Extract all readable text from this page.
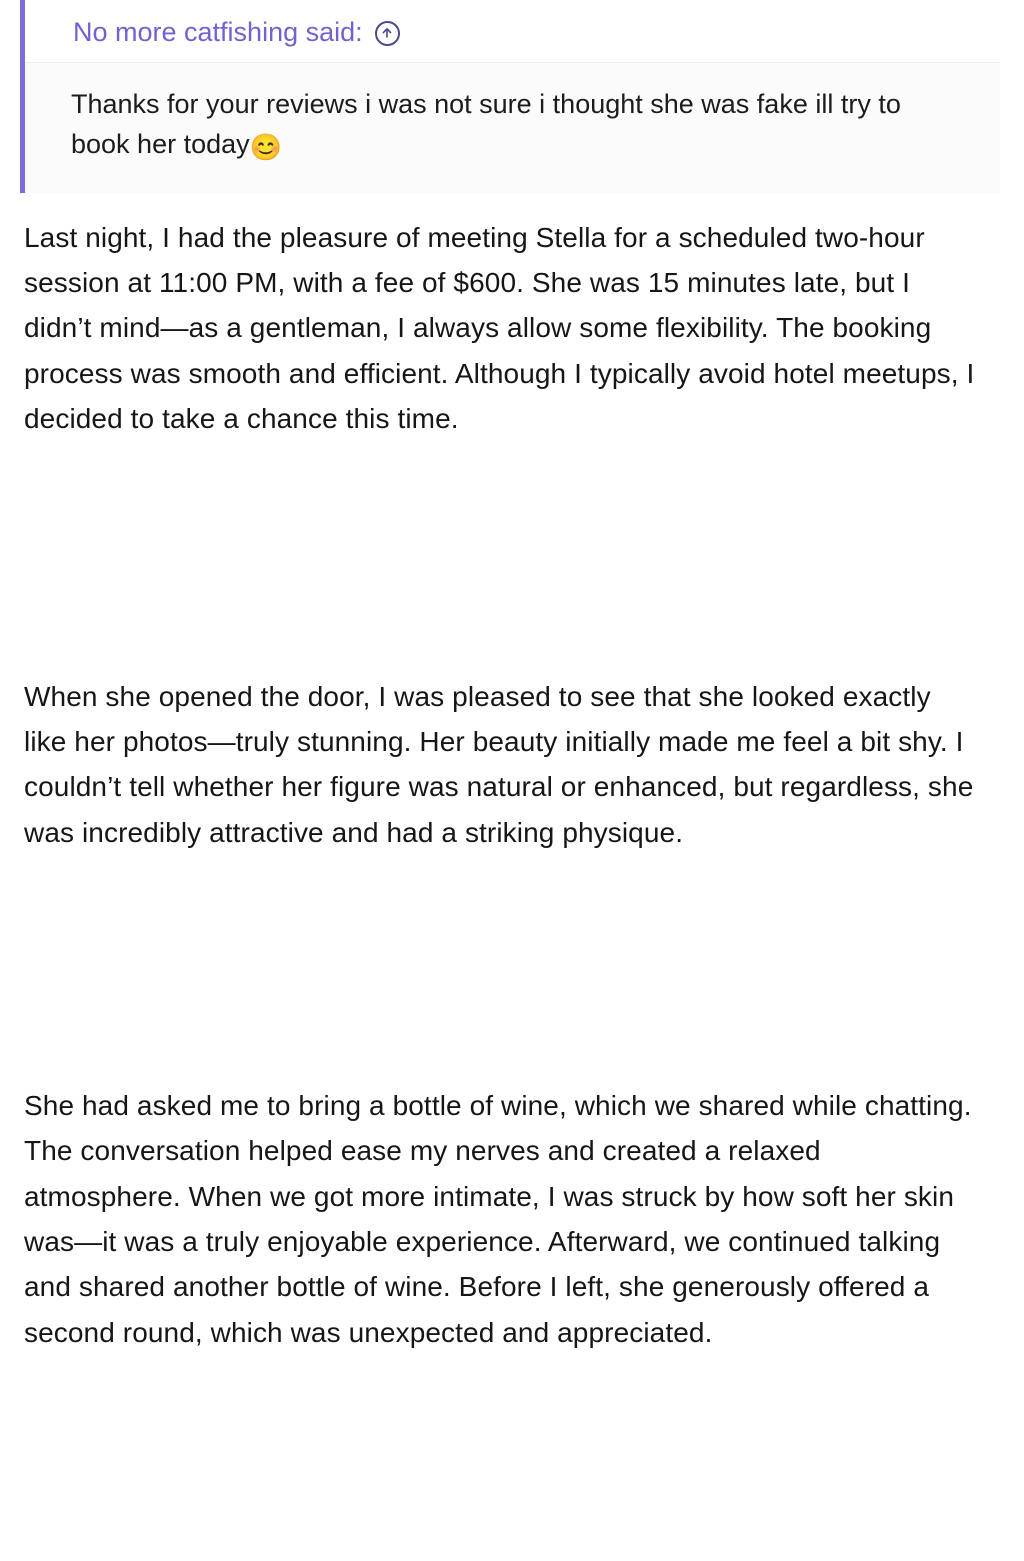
No more catfishing said:
Thanks for your reviews i was not sure i thought she was fake ill try to book her today😊

Last night, I had the pleasure of meeting Stella for a scheduled two-hour session at 11:00 PM, with a fee of $600. She was 15 minutes late, but I didn’t mind—as a gentleman, I always allow some flexibility. The booking process was smooth and efficient. Although I typically avoid hotel meetups, I decided to take a chance this time.

When she opened the door, I was pleased to see that she looked exactly like her photos—truly stunning. Her beauty initially made me feel a bit shy. I couldn’t tell whether her figure was natural or enhanced, but regardless, she was incredibly attractive and had a striking physique.

She had asked me to bring a bottle of wine, which we shared while chatting. The conversation helped ease my nerves and created a relaxed atmosphere. When we got more intimate, I was struck by how soft her skin was—it was a truly enjoyable experience. Afterward, we continued talking and shared another bottle of wine. Before I left, she generously offered a second round, which was unexpected and appreciated.
